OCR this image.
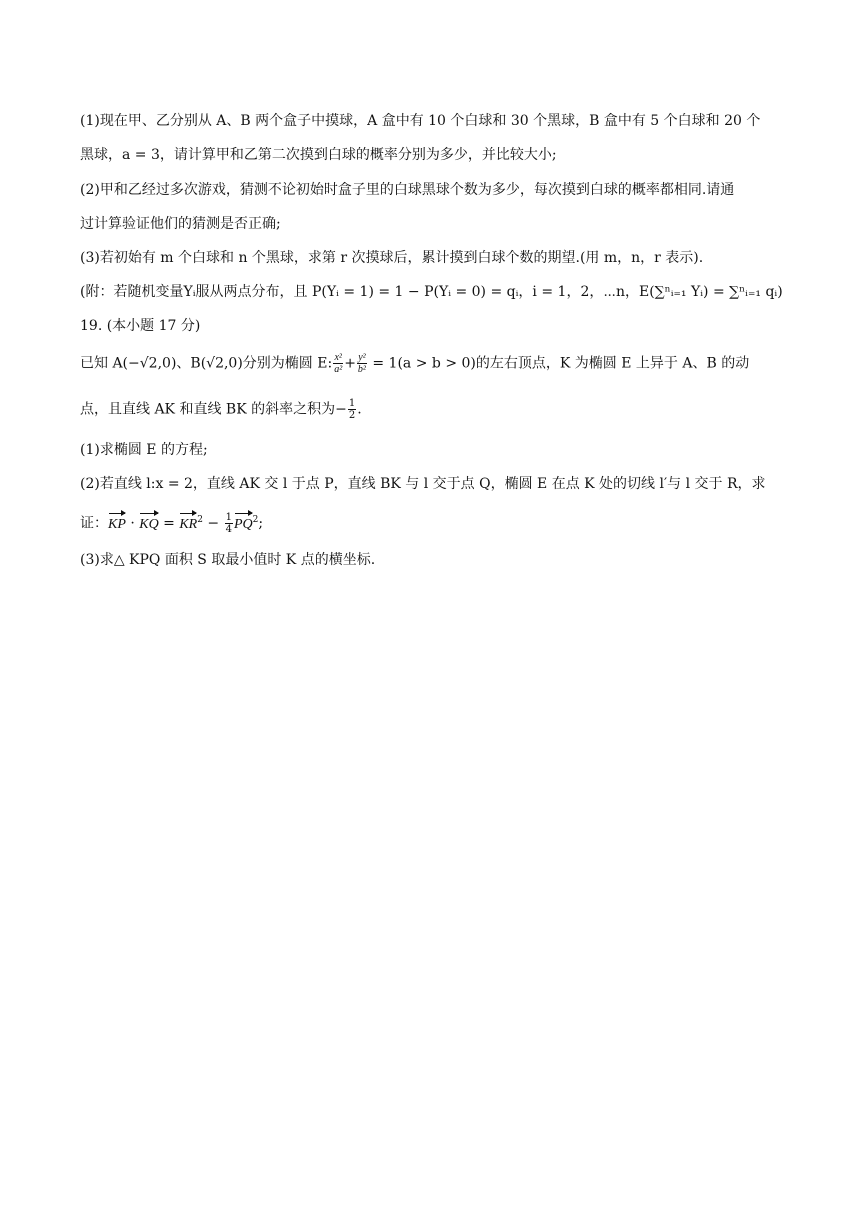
(1)现在甲、乙分别从 A、B 两个盒子中摸球，A 盒中有 10 个白球和 30 个黑球，B 盒中有 5 个白球和 20 个
黑球，a = 3，请计算甲和乙第二次摸到白球的概率分别为多少，并比较大小;
(2)甲和乙经过多次游戏，猜测不论初始时盒子里的白球黑球个数为多少，每次摸到白球的概率都相同.请通
过计算验证他们的猜测是否正确;
(3)若初始有 m 个白球和 n 个黑球，求第 r 次摸球后，累计摸到白球个数的期望.(用 m，n，r 表示).
(附：若随机变量Yᵢ服从两点分布，且 P(Yᵢ = 1) = 1 − P(Yᵢ = 0) = qᵢ，i = 1，2，⋯n，E(∑ⁿᵢ₌₁ Yᵢ) = ∑ⁿᵢ₌₁ qᵢ)
19. (本小题 17 分)
已知 A(−√2,0)、B(√2,0)分别为椭圆 E: $\frac{\text{x²}}{\text{a²}} + \frac{\text{y²}}{\text{b²}} = 1(a > b > 0)$的左右顶点，K 为椭圆 E 上异于 A、B 的动
点，且直线 AK 和直线 BK 的斜率之积为− $\frac{1}{2}$ .
(1)求椭圆 E 的方程;
(2)若直线 l:x = 2，直线 AK 交 l 于点 P，直线 BK 与 l 交于点 Q，椭圆 E 在点 K 处的切线 l′与 l 交于 R，求
证：KP · KQ = $KR^2 - \frac{1}{4} PQ^2$;
(3)求△ KPQ 面积 S 取最小值时 K 点的横坐标.
